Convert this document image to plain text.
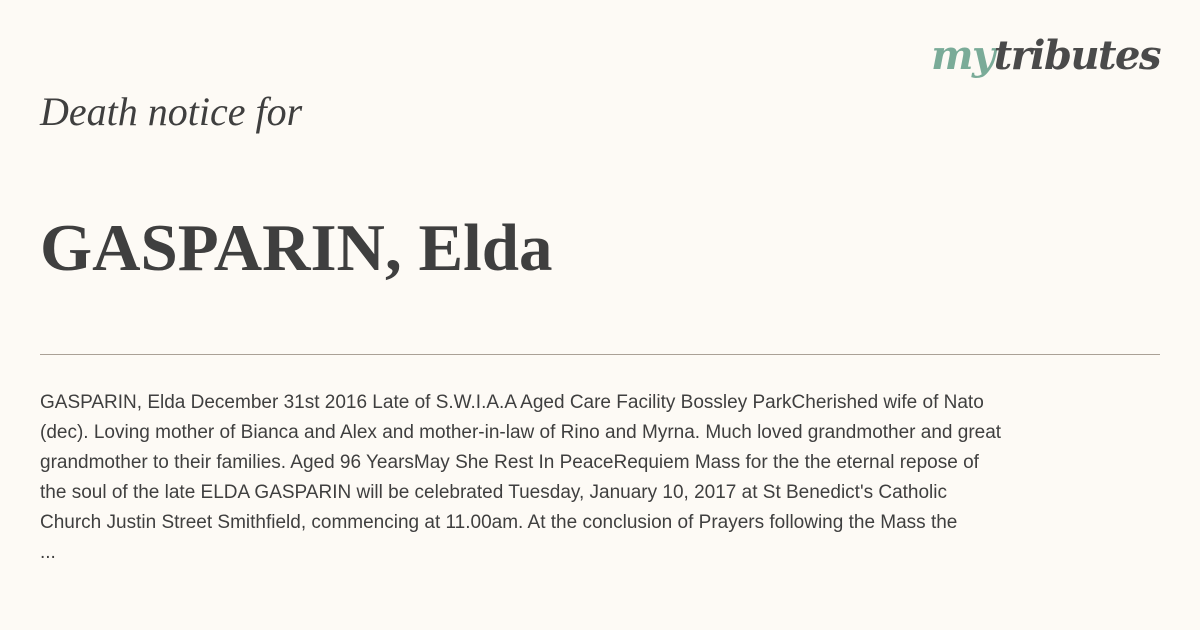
mytributes
Death notice for
GASPARIN, Elda
GASPARIN, Elda December 31st 2016 Late of S.W.I.A.A Aged Care Facility Bossley ParkCherished wife of Nato
(dec). Loving mother of Bianca and Alex and mother-in-law of Rino and Myrna. Much loved grandmother and great
grandmother to their families. Aged 96 YearsMay She Rest In PeaceRequiem Mass for the the eternal repose of
the soul of the late ELDA GASPARIN will be celebrated Tuesday, January 10, 2017 at St Benedict's Catholic
Church Justin Street Smithfield, commencing at 11.00am. At the conclusion of Prayers following the Mass the
...
